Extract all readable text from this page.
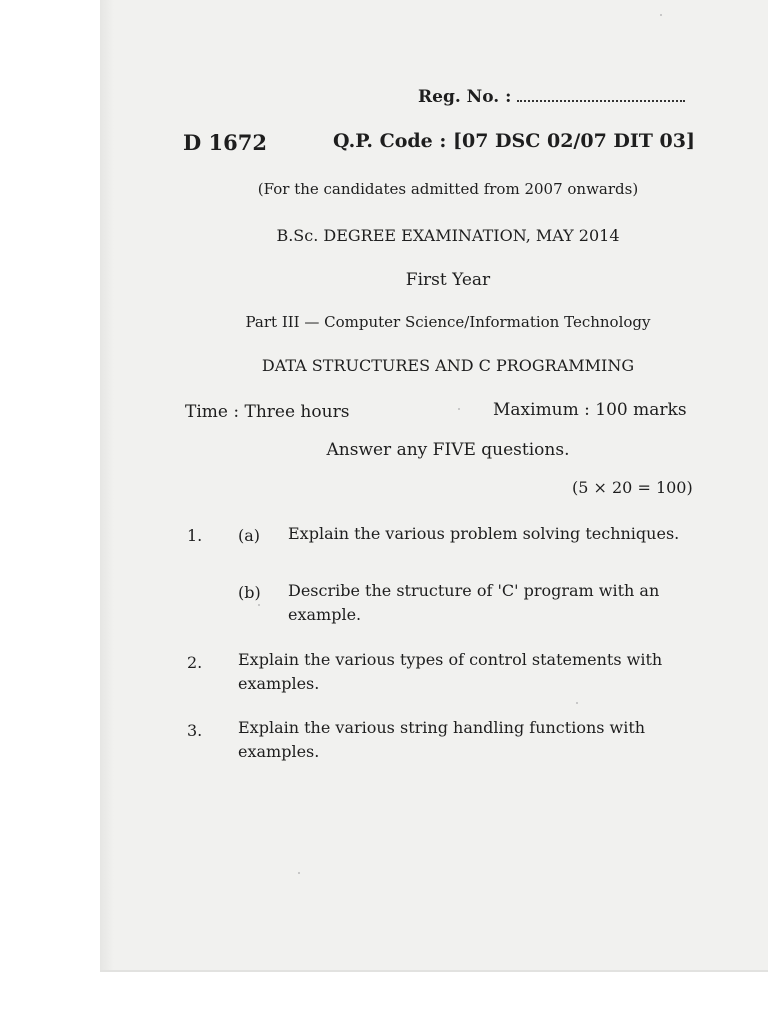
Reg. No. :
D 1672	Q.P. Code : [07 DSC 02/07 DIT 03]
(For the candidates admitted from 2007 onwards)
B.Sc. DEGREE EXAMINATION, MAY 2014
First Year
Part III — Computer Science/Information Technology
DATA STRUCTURES AND C PROGRAMMING
Time : Three hours	Maximum : 100 marks
Answer any FIVE questions.
(5 × 20 = 100)
1. (a) Explain the various problem solving techniques.
(b) Describe the structure of 'C' program with an example.
2. Explain the various types of control statements with examples.
3. Explain the various string handling functions with examples.
